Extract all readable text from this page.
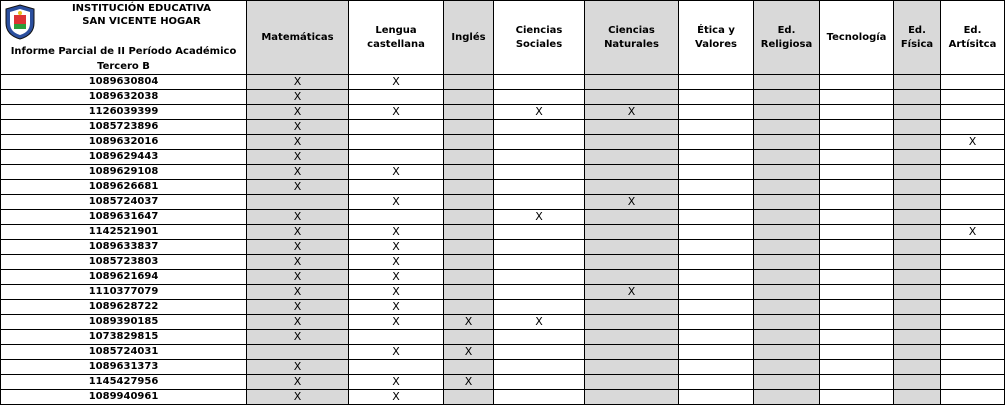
INSTITUCIÓN EDUCATIVA
SAN VICENTE HOGAR
Informe Parcial de II Período Académico
Tercero B	Matemáticas	Lengua castellana	Inglés	Ciencias Sociales	Ciencias Naturales	Ética y Valores	Ed. Religiosa	Tecnología	Ed. Física	Ed. Artísitca
1089630804	X	X								
1089632038	X									
1126039399	X	X		X	X					
1085723896	X									
1089632016	X									X
1089629443	X									
1089629108	X	X								
1089626681	X									
1085724037		X			X					
1089631647	X			X						
1142521901	X	X								X
1089633837	X	X								
1085723803	X	X								
1089621694	X	X								
1110377079	X	X			X					
1089628722	X	X								
1089390185	X	X	X	X						
1073829815	X									
1085724031		X	X							
1089631373	X									
1145427956	X	X	X							
1089940961	X	X								
